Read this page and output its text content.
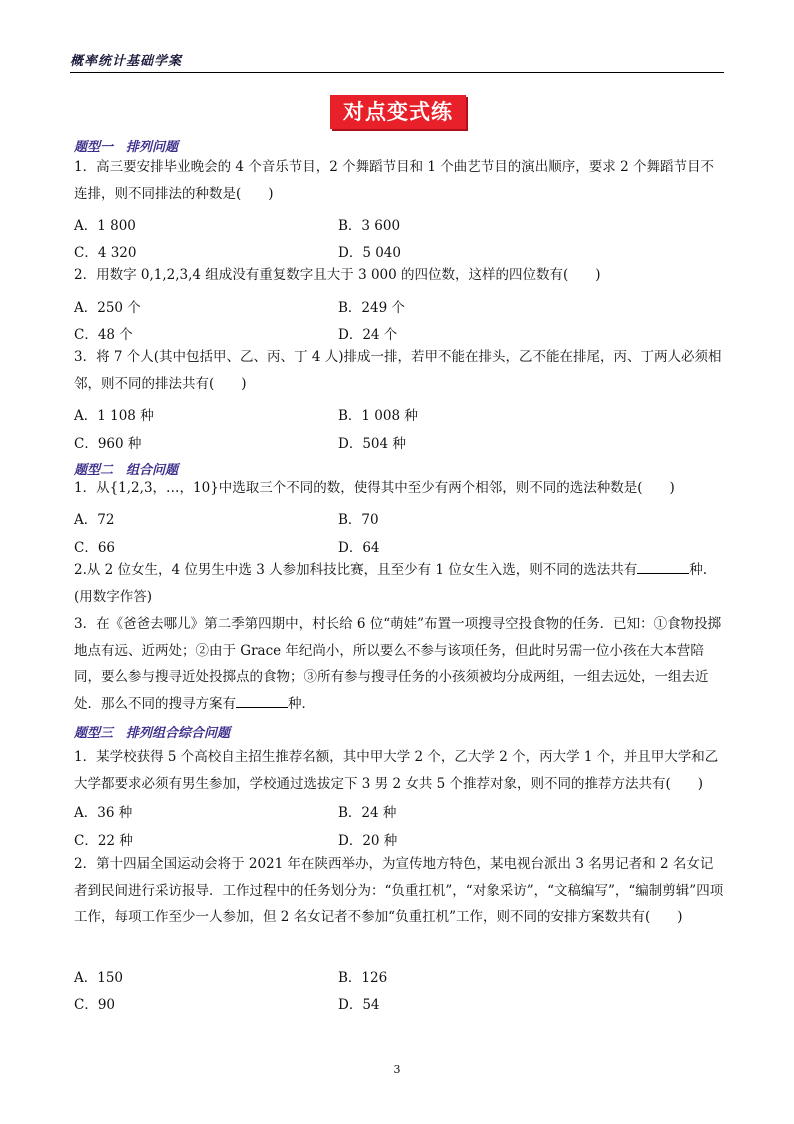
概率统计基础学案
对点变式练
题型一　排列问题
1．高三要安排毕业晚会的 4 个音乐节目，2 个舞蹈节目和 1 个曲艺节目的演出顺序，要求 2 个舞蹈节目不连排，则不同排法的种数是(　　)
A．1 800	B．3 600
C．4 320	D．5 040
2．用数字 0,1,2,3,4 组成没有重复数字且大于 3 000 的四位数，这样的四位数有(　　)
A．250 个	B．249 个
C．48 个	D．24 个
3．将 7 个人(其中包括甲、乙、丙、丁 4 人)排成一排，若甲不能在排头，乙不能在排尾，丙、丁两人必须相邻，则不同的排法共有(　　)
A．1 108 种	B．1 008 种
C．960 种	D．504 种
题型二　组合问题
1．从{1,2,3，…，10}中选取三个不同的数，使得其中至少有两个相邻，则不同的选法种数是(　　)
A．72	B．70
C．66	D．64
2.从 2 位女生，4 位男生中选 3 人参加科技比赛，且至少有 1 位女生入选，则不同的选法共有	种.(用数字作答)
3．在《爸爸去哪儿》第二季第四期中，村长给 6 位“萌娃”布置一项搜寻空投食物的任务．已知：①食物投掷地点有远、近两处；②由于 Grace 年纪尚小，所以要么不参与该项任务，但此时另需一位小孩在大本营陪同，要么参与搜寻近处投掷点的食物；③所有参与搜寻任务的小孩须被均分成两组，一组去远处，一组去近处．那么不同的搜寻方案有	种．
题型三　排列组合综合问题
1．某学校获得 5 个高校自主招生推荐名额，其中甲大学 2 个，乙大学 2 个，丙大学 1 个，并且甲大学和乙大学都要求必须有男生参加，学校通过选拔定下 3 男 2 女共 5 个推荐对象，则不同的推荐方法共有(　　)
A．36 种	B．24 种
C．22 种	D．20 种
2．第十四届全国运动会将于 2021 年在陕西举办，为宣传地方特色，某电视台派出 3 名男记者和 2 名女记者到民间进行采访报导．工作过程中的任务划分为：“负重扛机”，“对象采访”，“文稿编写”，“编制剪辑”四项工作，每项工作至少一人参加，但 2 名女记者不参加“负重扛机”工作，则不同的安排方案数共有(　　)
A．150	B．126
C．90	D．54
3
